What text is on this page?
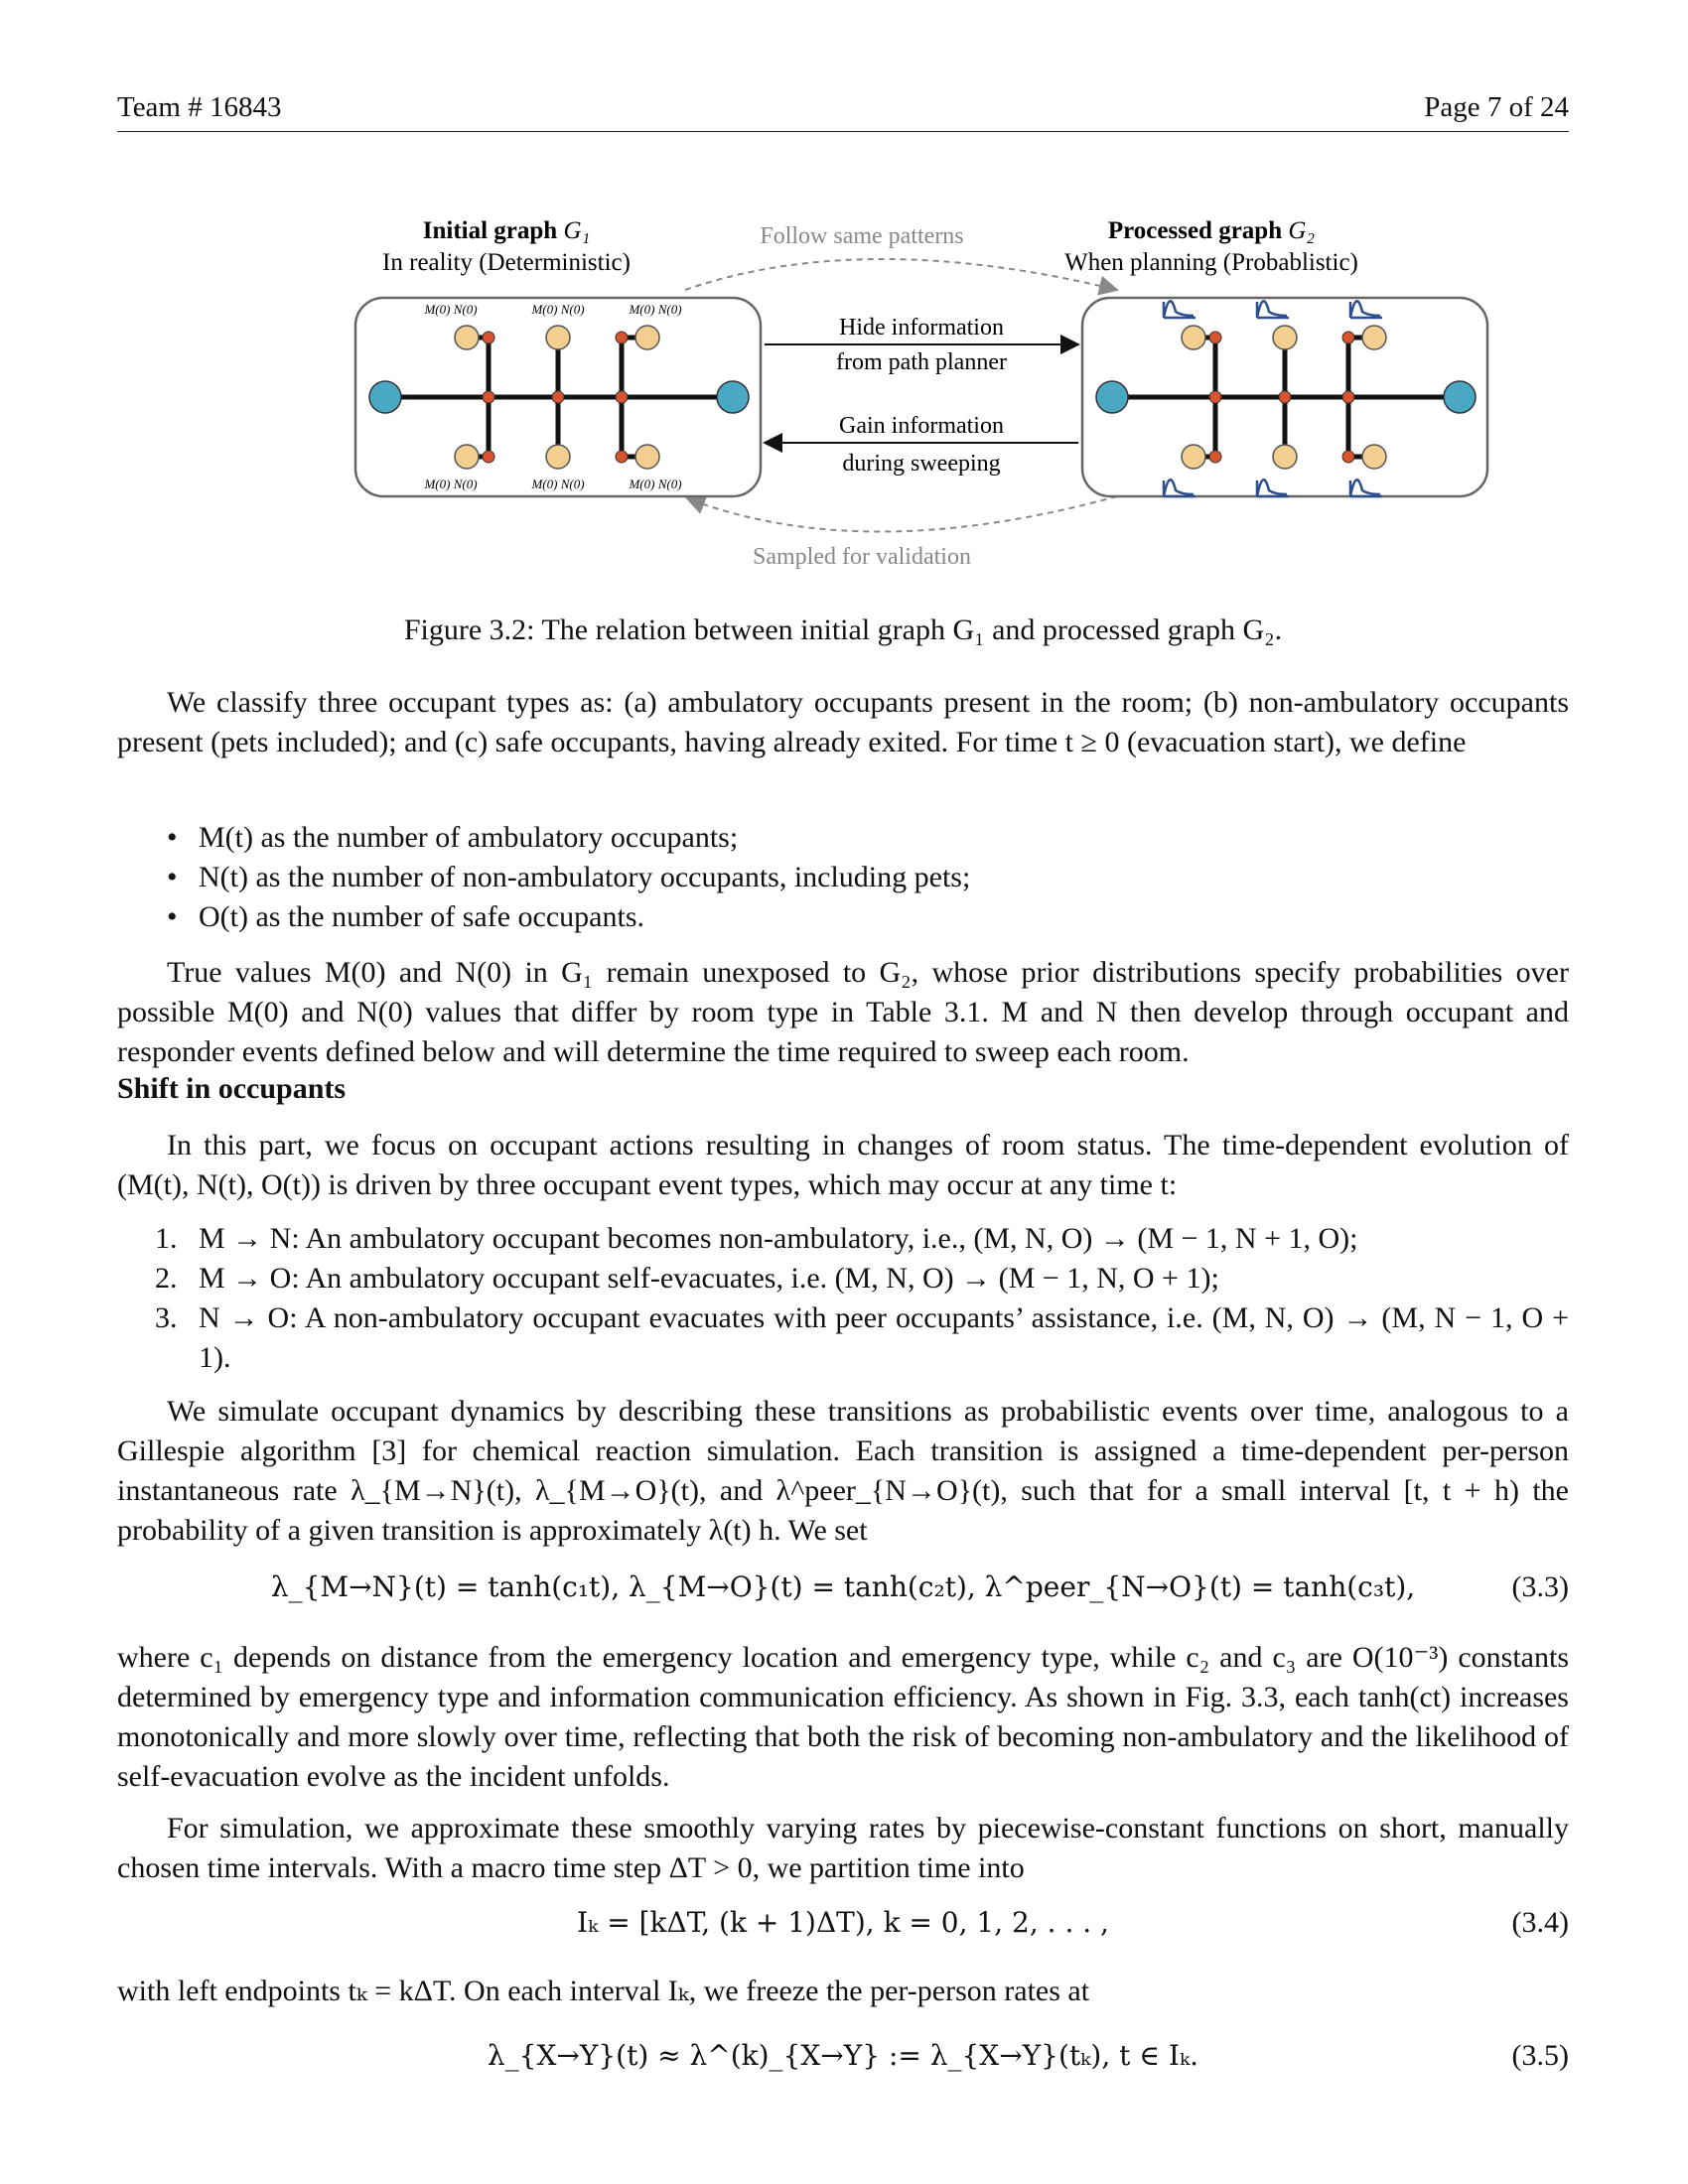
Team # 16843	Page 7 of 24
Initial graph G₁
In reality (Deterministic)
Processed graph G₂
When planning (Probablistic)
Follow same patterns
Sampled for validation
Hide information
from path planner
Gain information
during sweeping
M(0) N(0)	M(0) N(0)	M(0) N(0)
M(0) N(0)	M(0) N(0)	M(0) N(0)
Figure 3.2: The relation between initial graph G₁ and processed graph G₂.

We classify three occupant types as: (a) ambulatory occupants present in the room; (b) non-ambulatory occupants present (pets included); and (c) safe occupants, having already exited. For time t ≥ 0 (evacuation start), we define

• M(t) as the number of ambulatory occupants;
• N(t) as the number of non-ambulatory occupants, including pets;
• O(t) as the number of safe occupants.

True values M(0) and N(0) in G₁ remain unexposed to G₂, whose prior distributions specify probabilities over possible M(0) and N(0) values that differ by room type in Table 3.1. M and N then develop through occupant and responder events defined below and will determine the time required to sweep each room.

Shift in occupants

In this part, we focus on occupant actions resulting in changes of room status. The time-dependent evolution of (M(t), N(t), O(t)) is driven by three occupant event types, which may occur at any time t:

1. M → N: An ambulatory occupant becomes non-ambulatory, i.e., (M, N, O) → (M − 1, N + 1, O);
2. M → O: An ambulatory occupant self-evacuates, i.e. (M, N, O) → (M − 1, N, O + 1);
3. N → O: A non-ambulatory occupant evacuates with peer occupants’ assistance, i.e. (M, N, O) → (M, N − 1, O + 1).

We simulate occupant dynamics by describing these transitions as probabilistic events over time, analogous to a Gillespie algorithm [3] for chemical reaction simulation. Each transition is assigned a time-dependent per-person instantaneous rate λ_{M→N}(t), λ_{M→O}(t), and λ^peer_{N→O}(t), such that for a small interval [t, t + h) the probability of a given transition is approximately λ(t) h. We set

λ_{M→N}(t) = tanh(c₁t), λ_{M→O}(t) = tanh(c₂t), λ^peer_{N→O}(t) = tanh(c₃t),	(3.3)

where c₁ depends on distance from the emergency location and emergency type, while c₂ and c₃ are O(10⁻³) constants determined by emergency type and information communication efficiency. As shown in Fig. 3.3, each tanh(ct) increases monotonically and more slowly over time, reflecting that both the risk of becoming non-ambulatory and the likelihood of self-evacuation evolve as the incident unfolds.

For simulation, we approximate these smoothly varying rates by piecewise-constant functions on short, manually chosen time intervals. With a macro time step ΔT > 0, we partition time into

Iₖ = [kΔT, (k + 1)ΔT), k = 0, 1, 2, . . . ,	(3.4)

with left endpoints tₖ = kΔT. On each interval Iₖ, we freeze the per-person rates at

λ_{X→Y}(t) ≈ λ^(k)_{X→Y} := λ_{X→Y}(tₖ), t ∈ Iₖ.	(3.5)
